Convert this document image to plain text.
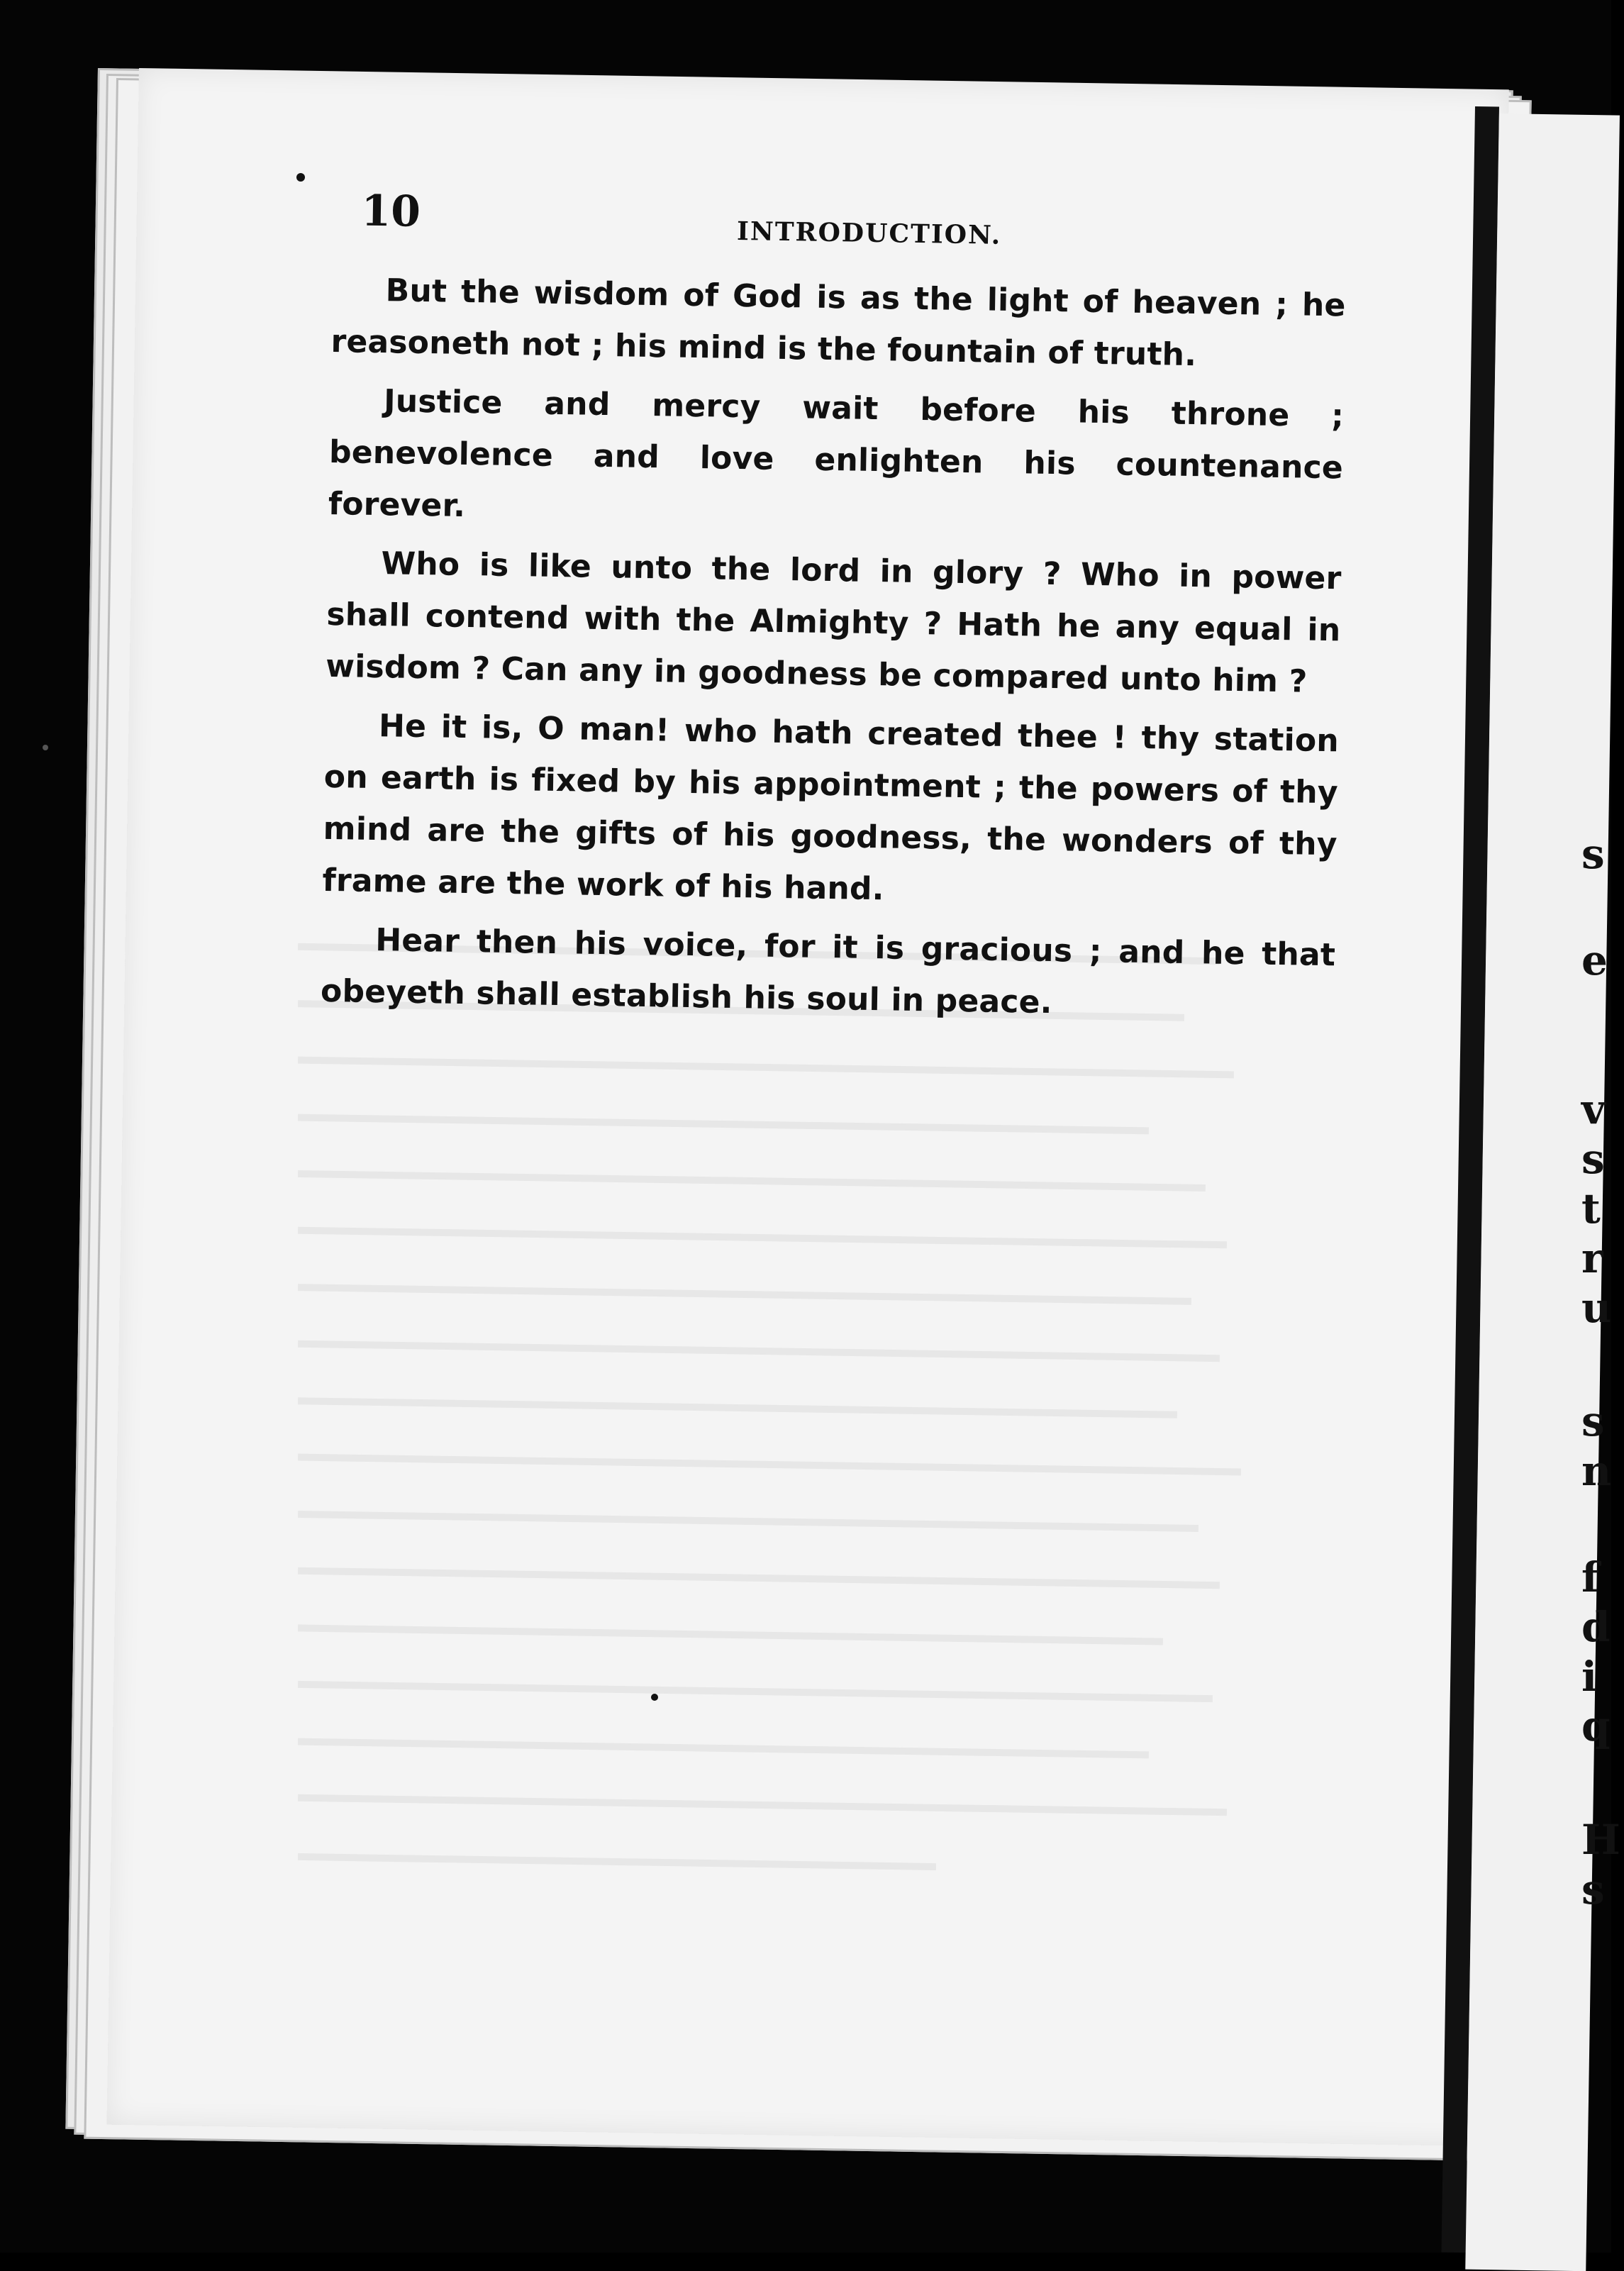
s
e
v
s
t
r
u
s
n
f
d
i
q
H
s
10	INTRODUCTION.

But the wisdom of God is as the light of heaven ; he reasoneth not ; his mind is the fountain of truth.

Justice and mercy wait before his throne ; benevolence and love enlighten his countenance forever.

Who is like unto the lord in glory ? Who in power shall contend with the Almighty ? Hath he any equal in wisdom ? Can any in goodness be compared unto him ?

He it is, O man! who hath created thee ! thy station on earth is fixed by his appointment ; the powers of thy mind are the gifts of his goodness, the wonders of thy frame are the work of his hand.

Hear then his voice, for it is gracious ; and he that obeyeth shall establish his soul in peace.
